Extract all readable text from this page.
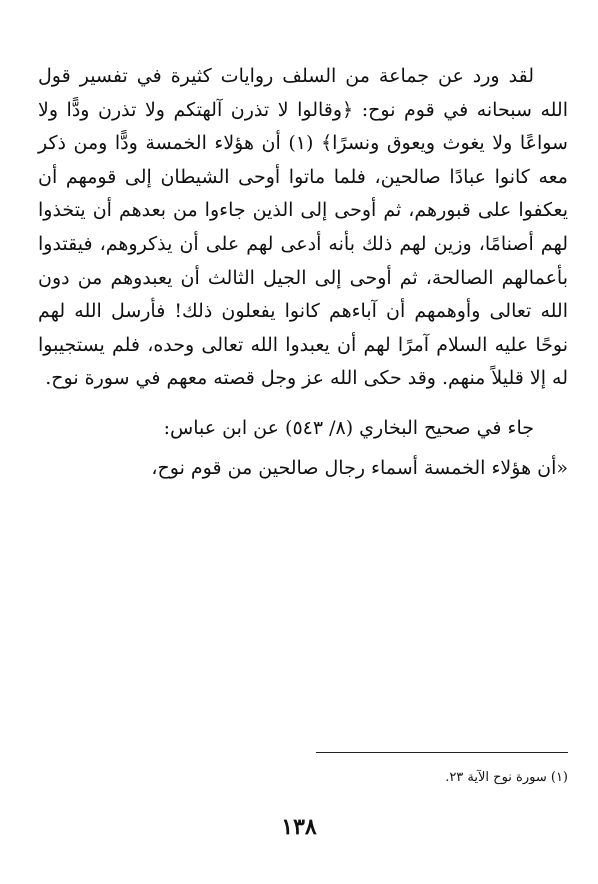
لقد ورد عن جماعة من السلف روايات كثيرة في تفسير قول الله سبحانه في قوم نوح: ﴿وقالوا لا تذرن آلهتكم ولا تذرن ودًّا ولا سواعًا ولا يغوث ويعوق ونسرًا﴾ (١) أن هؤلاء الخمسة ودًّا ومن ذكر معه كانوا عبادًا صالحين، فلما ماتوا أوحى الشيطان إلى قومهم أن يعكفوا على قبورهم، ثم أوحى إلى الذين جاءوا من بعدهم أن يتخذوا لهم أصنامًا، وزين لهم ذلك بأنه أدعى لهم على أن يذكروهم، فيقتدوا بأعمالهم الصالحة، ثم أوحى إلى الجيل الثالث أن يعبدوهم من دون الله تعالى وأوهمهم أن آباءهم كانوا يفعلون ذلك! فأرسل الله لهم نوحًا عليه السلام آمرًا لهم أن يعبدوا الله تعالى وحده، فلم يستجيبوا له إلا قليلاً منهم. وقد حكى الله عز وجل قصته معهم في سورة نوح.

جاء في صحيح البخاري (٨/ ٥٤٣) عن ابن عباس:

«أن هؤلاء الخمسة أسماء رجال صالحين من قوم نوح،

(١) سورة نوح الآية ٢٣.
١٣٨
